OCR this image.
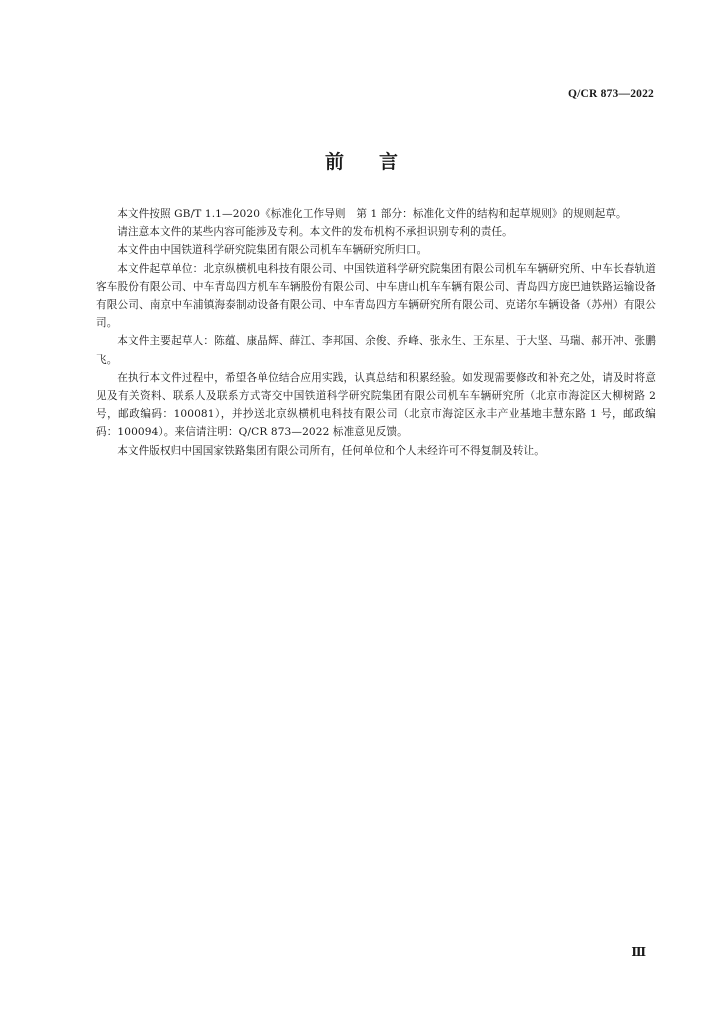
Q/CR 873—2022
前 言

本文件按照 GB/T 1.1—2020《标准化工作导则　第 1 部分：标准化文件的结构和起草规则》的规则起草。

请注意本文件的某些内容可能涉及专利。本文件的发布机构不承担识别专利的责任。

本文件由中国铁道科学研究院集团有限公司机车车辆研究所归口。

本文件起草单位：北京纵横机电科技有限公司、中国铁道科学研究院集团有限公司机车车辆研究所、中车长春轨道客车股份有限公司、中车青岛四方机车车辆股份有限公司、中车唐山机车车辆有限公司、青岛四方庞巴迪铁路运输设备有限公司、南京中车浦镇海泰制动设备有限公司、中车青岛四方车辆研究所有限公司、克诺尔车辆设备（苏州）有限公司。

本文件主要起草人：陈蕴、康晶辉、薛江、李邦国、余俊、乔峰、张永生、王东星、于大坚、马瑞、郝开冲、张鹏飞。

在执行本文件过程中，希望各单位结合应用实践，认真总结和积累经验。如发现需要修改和补充之处，请及时将意见及有关资料、联系人及联系方式寄交中国铁道科学研究院集团有限公司机车车辆研究所（北京市海淀区大柳树路 2 号，邮政编码：100081），并抄送北京纵横机电科技有限公司（北京市海淀区永丰产业基地丰慧东路 1 号，邮政编码：100094）。来信请注明：Q/CR 873—2022 标准意见反馈。

本文件版权归中国国家铁路集团有限公司所有，任何单位和个人未经许可不得复制及转让。

Ⅲ
